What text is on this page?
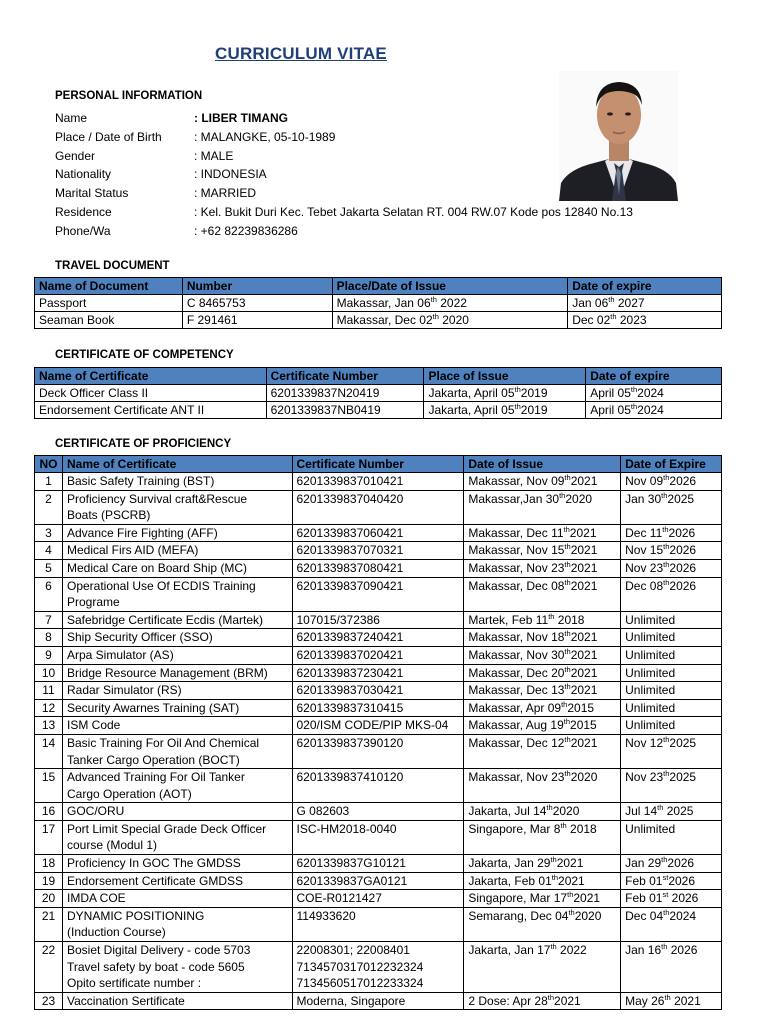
CURRICULUM VITAE
PERSONAL INFORMATION
Name	: LIBER TIMANG
Place / Date of Birth	: MALANGKE, 05-10-1989
Gender	: MALE
Nationality	: INDONESIA
Marital Status	: MARRIED
Residence	: Kel. Bukit Duri Kec. Tebet Jakarta Selatan RT. 004 RW.07 Kode pos 12840 No.13
Phone/Wa	: +62 82239836286
TRAVEL DOCUMENT
Name of Document	Number	Place/Date of Issue	Date of expire
Passport	C 8465753	Makassar, Jan 06th 2022	Jan 06th 2027
Seaman Book	F 291461	Makassar, Dec 02th 2020	Dec 02th 2023
CERTIFICATE OF COMPETENCY
Name of Certificate	Certificate Number	Place of Issue	Date of expire
Deck Officer Class II	6201339837N20419	Jakarta, April 05th2019	April 05th2024
Endorsement Certificate ANT II	6201339837NB0419	Jakarta, April 05th2019	April 05th2024
CERTIFICATE OF PROFICIENCY
NO	Name of Certificate	Certificate Number	Date of Issue	Date of Expire
1	Basic Safety Training (BST)	6201339837010421	Makassar, Nov 09th2021	Nov 09th2026
2	Proficiency Survival craft&Rescue
Boats (PSCRB)	6201339837040420	Makassar,Jan 30th2020	Jan 30th2025
3	Advance Fire Fighting (AFF)	6201339837060421	Makassar, Dec 11th2021	Dec 11th2026
4	Medical Firs AID (MEFA)	6201339837070321	Makassar, Nov 15th2021	Nov 15th2026
5	Medical Care on Board Ship (MC)	6201339837080421	Makassar, Nov 23th2021	Nov 23th2026
6	Operational Use Of ECDIS Training
Programe	6201339837090421	Makassar, Dec 08th2021	Dec 08th2026
7	Safebridge Certificate Ecdis (Martek)	107015/372386	Martek, Feb 11th 2018	Unlimited
8	Ship Security Officer (SSO)	6201339837240421	Makassar, Nov 18th2021	Unlimited
9	Arpa Simulator (AS)	6201339837020421	Makassar, Nov 30th2021	Unlimited
10	Bridge Resource Management (BRM)	6201339837230421	Makassar, Dec 20th2021	Unlimited
11	Radar Simulator (RS)	6201339837030421	Makassar, Dec 13th2021	Unlimited
12	Security Awarnes Training (SAT)	6201339837310415	Makassar, Apr 09th2015	Unlimited
13	ISM Code	020/ISM CODE/PIP MKS-04	Makassar, Aug 19th2015	Unlimited
14	Basic Training For Oil And Chemical
Tanker Cargo Operation (BOCT)	6201339837390120	Makassar, Dec 12th2021	Nov 12th2025
15	Advanced Training For Oil Tanker
Cargo Operation (AOT)	6201339837410120	Makassar, Nov 23th2020	Nov 23th2025
16	GOC/ORU	G 082603	Jakarta, Jul 14th2020	Jul 14th 2025
17	Port Limit Special Grade Deck Officer
course (Modul 1)	ISC-HM2018-0040	Singapore, Mar 8th 2018	Unlimited
18	Proficiency In GOC The GMDSS	6201339837G10121	Jakarta, Jan 29th2021	Jan 29th2026
19	Endorsement Certificate GMDSS	6201339837GA0121	Jakarta, Feb 01th2021	Feb 01st2026
20	IMDA COE	COE-R0121427	Singapore, Mar 17th2021	Feb 01st 2026
21	DYNAMIC POSITIONING
(Induction Course)	114933620	Semarang, Dec 04th2020	Dec 04th2024
22	Bosiet Digital Delivery - code 5703
Travel safety by boat - code 5605
Opito sertificate number :	22008301; 22008401
7134570317012232324
7134560517012233324	Jakarta, Jan 17th 2022	Jan 16th 2026
23	Vaccination Sertificate	Moderna, Singapore	2 Dose: Apr 28th2021	May 26th 2021
